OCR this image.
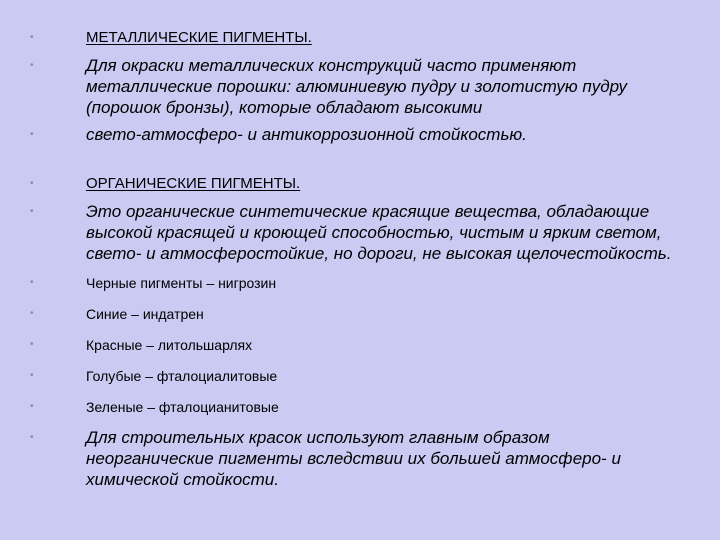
•	МЕТАЛЛИЧЕСКИЕ ПИГМЕНТЫ.
•	Для окраски металлических конструкций часто применяют металлические порошки: алюминиевую пудру и золотистую пудру (порошок бронзы), которые обладают высокими
•	свето-атмосферо- и антикоррозионной стойкостью.
•	ОРГАНИЧЕСКИЕ ПИГМЕНТЫ.
•	Это органические синтетические красящие вещества, обладающие высокой красящей и кроющей способностью, чистым и ярким светом, свето- и атмосферостойкие, но дороги, не высокая щелочестойкость.
•	Черные пигменты – нигрозин
•	Синие – индатрен
•	Красные – литольшарлях
•	Голубые – фталоциалитовые
•	Зеленые – фталоцианитовые
•	Для строительных красок используют главным образом неорганические пигменты вследствии их большей атмосферо- и химической стойкости.
